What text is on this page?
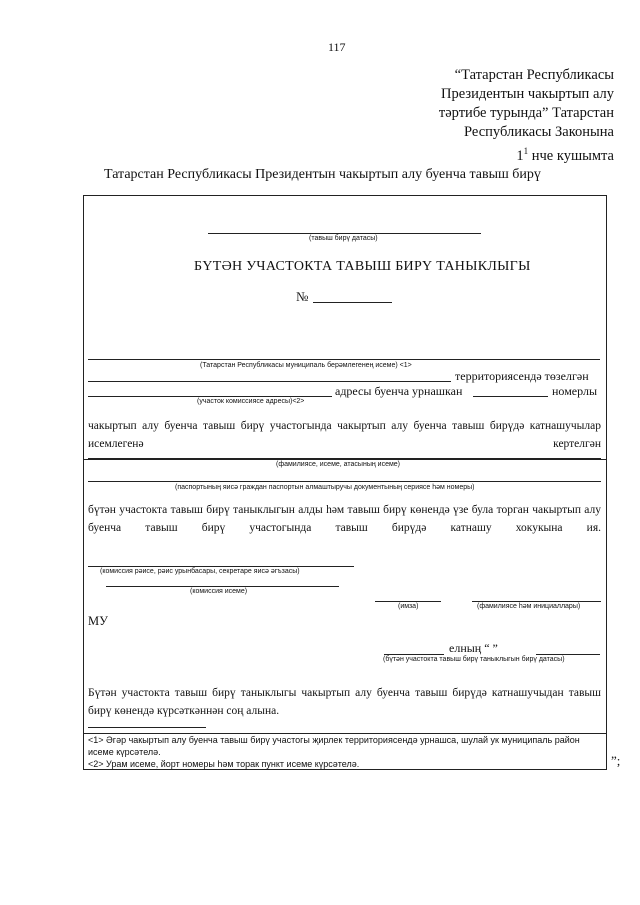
117
“Татарстан Республикасы
Президентын чакыртып алу
тәртибе турында” Татарстан
Республикасы Законына
$1^1$ нче кушымта
Татарстан Республикасы Президентын чакыртып алу буенча тавыш бирү
(тавыш бирү датасы)
БҮТӘН УЧАСТОКТА ТАВЫШ БИРҮ ТАНЫКЛЫГЫ
№
(Татарстан Республикасы муниципаль берәмлегенең исеме) <1>
территориясендә төзелгән
адресы буенча урнашкан	номерлы
(участок комиссиясе адресы)<2>
чакыртып алу буенча тавыш бирү участогында чакыртып алу буенча тавыш бирүдә катнашучылар исемлегенә кертелгән
(фамилиясе, исеме, атасының исеме)
(паспортының яисә граждан паспортын алмаштыручы документының сериясе һәм номеры)
бүтән участокта тавыш бирү таныклыгын алды һәм тавыш бирү көнендә үзе була торган чакыртып алу буенча тавыш бирү участогында тавыш бирүдә катнашу хокукына ия.
(комиссия рәисе, рәис урынбасары, секретаре яисә әгъзасы)
(комиссия исеме)
(имза)	(фамилиясе һәм инициаллары)
МУ
елның “ ”
(бүтән участокта тавыш бирү таныклыгын бирү датасы)
Бүтән участокта тавыш бирү таныклыгы чакыртып алу буенча тавыш бирүдә катнашучыдан тавыш бирү көнендә күрсәткәннән соң алына.
<1> Әгәр чакыртып алу буенча тавыш бирү участогы җирлек территориясендә урнашса, шулай ук муниципаль район исеме күрсәтелә.
<2> Урам исеме, йорт номеры һәм торак пункт исеме күрсәтелә.	”;
